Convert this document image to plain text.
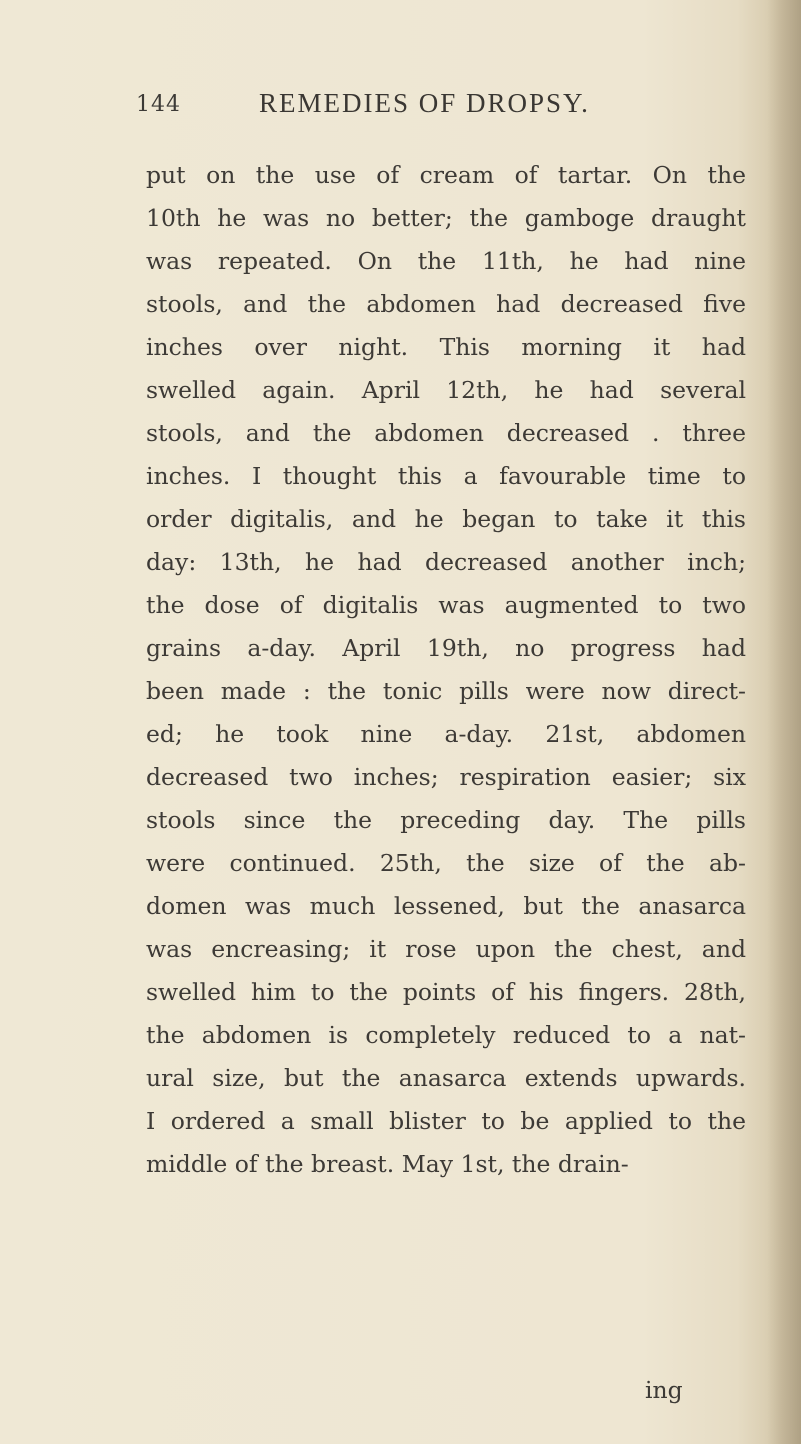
144	REMEDIES OF DROPSY.
put on the use of cream of tartar. On the
10th he was no better; the gamboge draught
was repeated. On the 11th, he had nine
stools, and the abdomen had decreased five
inches over night. This morning it had
swelled again. April 12th, he had several
stools, and the abdomen decreased . three
inches. I thought this a favourable time to
order digitalis, and he began to take it this
day: 13th, he had decreased another inch;
the dose of digitalis was augmented to two
grains a-day. April 19th, no progress had
been made : the tonic pills were now direct-
ed; he took nine a-day. 21st, abdomen
decreased two inches; respiration easier; six
stools since the preceding day. The pills
were continued. 25th, the size of the ab-
domen was much lessened, but the anasarca
was encreasing; it rose upon the chest, and
swelled him to the points of his fingers. 28th,
the abdomen is completely reduced to a nat-
ural size, but the anasarca extends upwards.
I ordered a small blister to be applied to the
middle of the breast. May 1st, the drain-
ing
